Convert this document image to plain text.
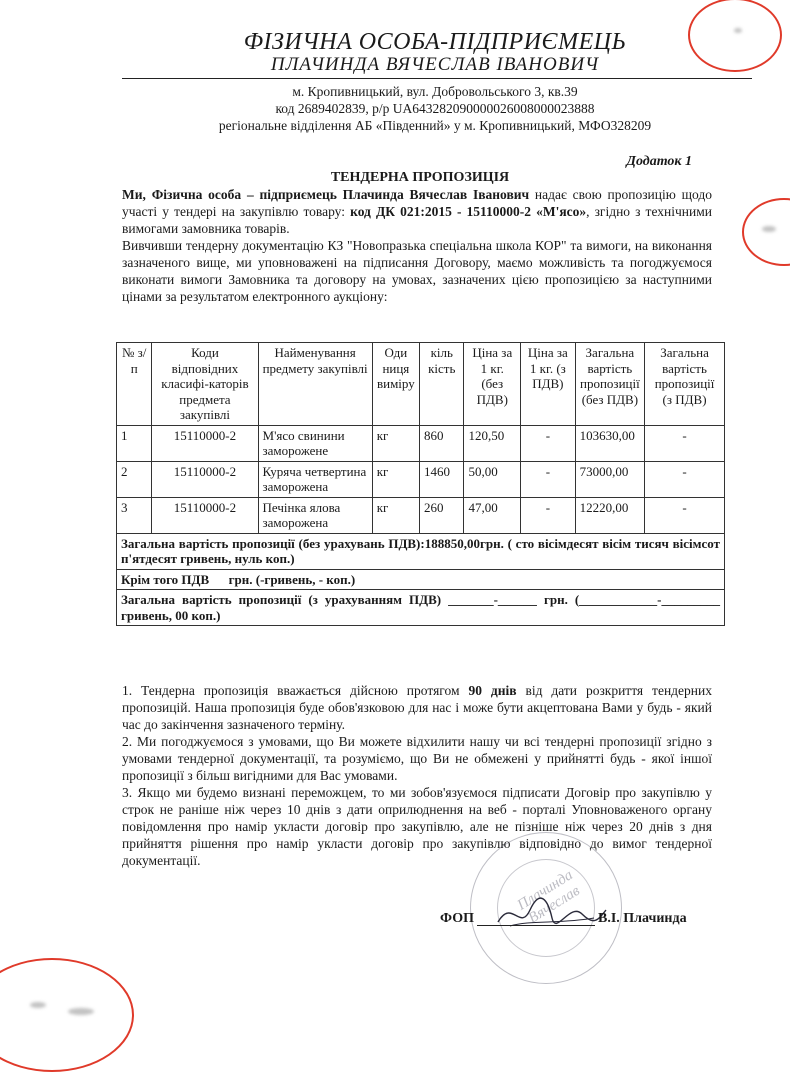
ФІЗИЧНА ОСОБА-ПІДПРИЄМЕЦЬ
ПЛАЧИНДА ВЯЧЕСЛАВ ІВАНОВИЧ
м. Кропивницький, вул. Добровольського 3, кв.39
код 2689402839, р/р UA643282090000026008000023888
регіональне відділення АБ «Південний» у м. Кропивницький, МФО328209
Додаток 1
ТЕНДЕРНА ПРОПОЗИЦІЯ

Ми, Фізична особа – підприємець Плачинда Вячеслав Іванович надає свою пропозицію щодо участі у тендері на закупівлю товару: код ДК 021:2015 - 15110000-2 «М'ясо», згідно з технічними вимогами замовника товарів.

Вивчивши тендерну документацію КЗ "Новопразька спеціальна школа КОР" та вимоги, на виконання зазначеного вище, ми уповноважені на підписання Договору, маємо можливість та погоджуємося виконати вимоги Замовника та договору на умовах, зазначених цією пропозицією за наступними цінами за результатом електронного аукціону:

№ з/п	Коди відповідних класифі-каторів предмета закупівлі	Найменування предмету закупівлі	Оди ниця виміру	кіль кість	Ціна за 1 кг. (без ПДВ)	Ціна за 1 кг. (з ПДВ)	Загальна вартість пропозиції (без ПДВ)	Загальна вартість пропозиції (з ПДВ)
1	15110000-2	М'ясо свинини заморожене	кг	860	120,50	-	103630,00	-
2	15110000-2	Куряча четвертина заморожена	кг	1460	50,00	-	73000,00	-
3	15110000-2	Печінка ялова заморожена	кг	260	47,00	-	12220,00	-
Загальна вартість пропозиції (без урахувань ПДВ):188850,00грн. ( сто вісімдесят вісім тисяч вісімсот п'ятдесят гривень, нуль коп.)								
Крім того ПДВ      грн. (-гривень, - коп.)								
Загальна вартість пропозиції (з урахуванням ПДВ) _______-______ грн. (____________-_________ гривень, 00 коп.)								

1. Тендерна пропозиція вважається дійсною протягом 90 днів від дати розкриття тендерних пропозицій. Наша пропозиція буде обов'язковою для нас і може бути акцептована Вами у будь - який час до закінчення зазначеного терміну.

2. Ми погоджуємося з умовами, що Ви можете відхилити нашу чи всі тендерні пропозиції згідно з умовами тендерної документації, та розуміємо, що Ви не обмежені у прийнятті будь - якої іншої пропозиції з більш вигідними для Вас умовами.

3. Якщо ми будемо визнані переможцем, то ми зобов'язуємося підписати Договір про закупівлю у строк не раніше ніж через 10 днів з дати оприлюднення на веб - порталі Уповноваженого органу повідомлення про намір укласти договір про закупівлю, але не пізніше ніж через 20 днів з дня прийняття рішення про намір укласти договір про закупівлю відповідно до вимог тендерної документації.

Плачинда Вячеслав
ФОП	В.І. Плачинда
